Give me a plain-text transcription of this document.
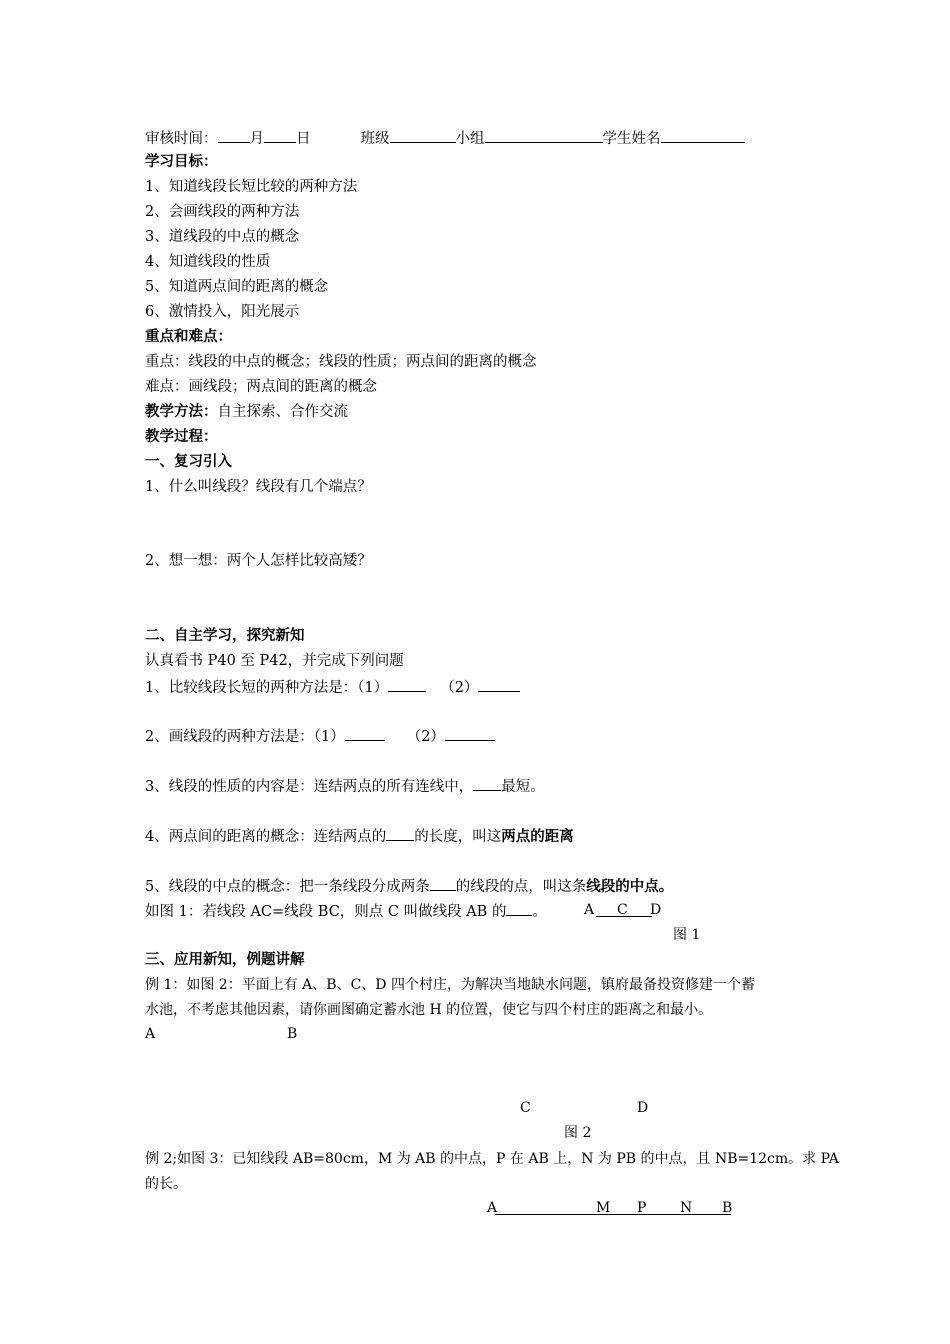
审核时间： 月 日	班级	小组	学生姓名
学习目标：
1、知道线段长短比较的两种方法
2、会画线段的两种方法
3、道线段的中点的概念
4、知道线段的性质
5、知道两点间的距离的概念
6、激情投入，阳光展示
重点和难点：
重点：线段的中点的概念；线段的性质；两点间的距离的概念
难点：画线段；两点间的距离的概念
教学方法：自主探索、合作交流
教学过程：
一、复习引入
1、什么叫线段？线段有几个端点？
2、想一想：两个人怎样比较高矮？
二、自主学习，探究新知
认真看书 P40 至 P42，并完成下列问题
1、比较线段长短的两种方法是：（1）	（2）
2、画线段的两种方法是：（1）	（2）
3、线段的性质的内容是：连结两点的所有连线中， 最短。
4、两点间的距离的概念：连结两点的 的长度，叫这两点的距离
5、线段的中点的概念：把一条线段分成两条 的线段的点，叫这条线段的中点。
如图 1：若线段 AC=线段 BC，则点 C 叫做线段 AB 的 。	A C D
图 1
三、应用新知，例题讲解
例 1：如图 2：平面上有 A、B、C、D 四个村庄，为解决当地缺水问题，镇府最备投资修建一个蓄
水池，不考虑其他因素，请你画图确定蓄水池 H 的位置，使它与四个村庄的距离之和最小。
A	B
C	D
图 2
例 2;如图 3：已知线段 AB=80cm，M 为 AB 的中点，P 在 AB 上，N 为 PB 的中点，且 NB=12cm。求 PA
的长。
A	M P N B
